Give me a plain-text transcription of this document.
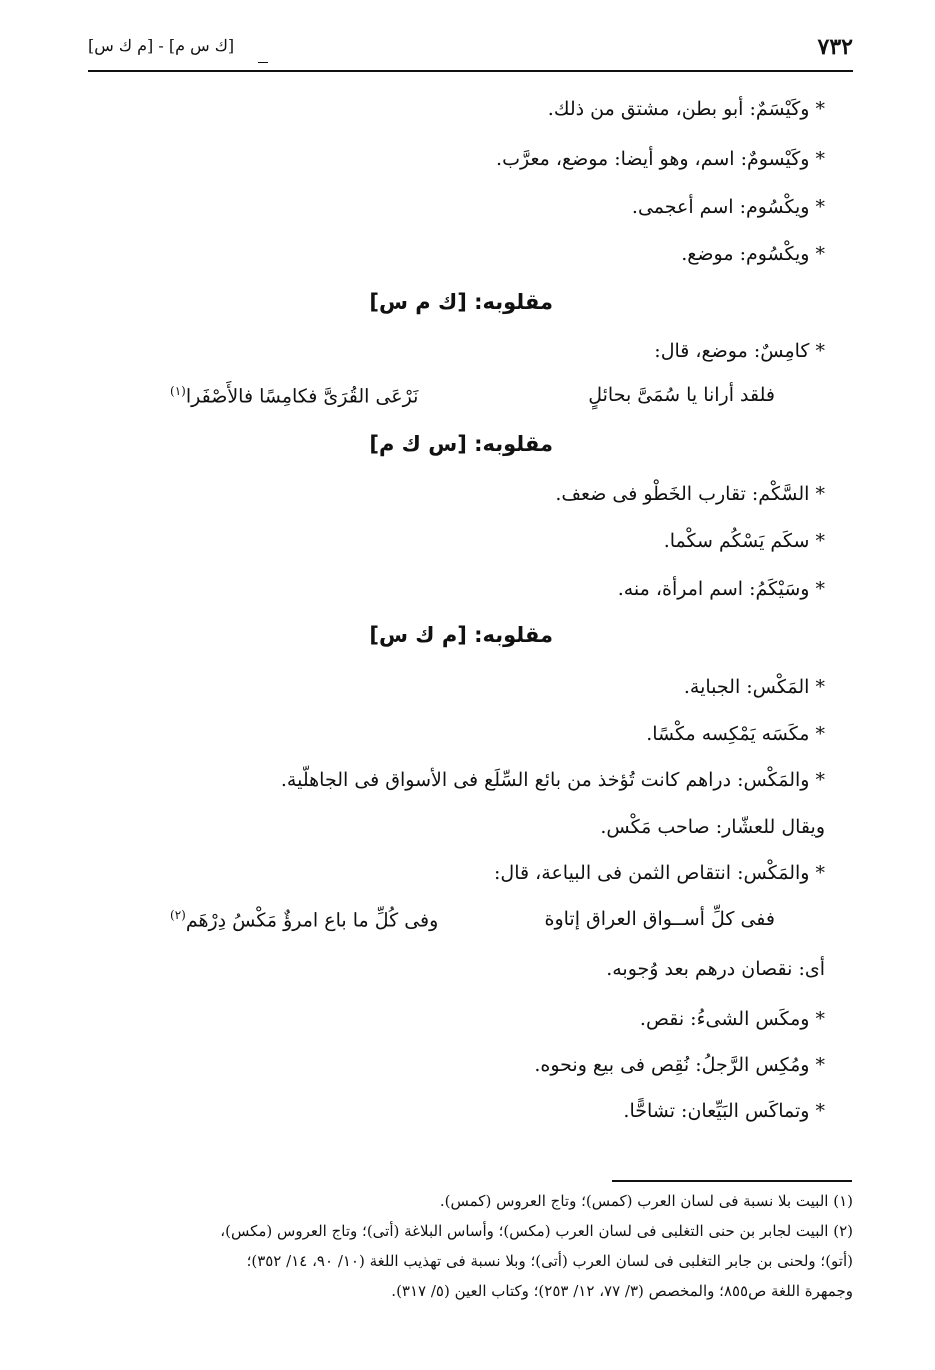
٧٣٢
[ك س م] - [م ك س]
* وكَيْسَمٌ: أبو بطن، مشتق من ذلك.
* وكَيْسومٌ: اسم، وهو أيضا: موضع، معرَّب.
* ويكْسُوم: اسم أعجمى.
* ويكْسُوم: موضع.
مقلوبه: [ك م س]
* كامِسٌ: موضع، قال:
فلقد أرانا يا سُمَىَّ بحائلٍ
نَرْعَى القُرَىَّ فكامِسًا فالأَصْفَرا$^{(١)}$
مقلوبه: [س ك م]
* السَّكْم: تقارب الخَطْو فى ضعف.
* سكَم يَسْكُم سكْما.
* وسَيْكَمُ: اسم امرأة، منه.
مقلوبه: [م ك س]
* المَكْس: الجباية.
* مكَسَه يَمْكِسه مكْسًا.
* والمَكْس: دراهم كانت تُؤخذ من بائع السِّلَع فى الأسواق فى الجاهلّية.
ويقال للعشّار: صاحب مَكْس.
* والمَكْس: انتقاص الثمن فى البياعة، قال:
ففى كلِّ أســواق العراق إتاوة
وفى كُلِّ ما باع امرؤٌ مَكْسُ دِرْهَم$^{(٢)}$
أى: نقصان درهم بعد وُجوبه.
* ومكَس الشىءُ: نقص.
* ومُكِس الرَّجلُ: نُقِص فى بيع ونحوه.
* وتماكَس البَيِّعان: تشاحًّا.
(١) البيت بلا نسبة فى لسان العرب (كمس)؛ وتاج العروس (كمس).
(٢) البيت لجابر بن حنى التغلبى فى لسان العرب (مكس)؛ وأساس البلاغة (أتى)؛ وتاج العروس (مكس)،
(أتو)؛ ولحنى بن جابر التغلبى فى لسان العرب (أتى)؛ وبلا نسبة فى تهذيب اللغة (١٠/ ٩٠، ١٤/ ٣٥٢)؛
وجمهرة اللغة ص٨٥٥؛ والمخصص (٣/ ٧٧، ١٢/ ٢٥٣)؛ وكتاب العين (٥/ ٣١٧).
